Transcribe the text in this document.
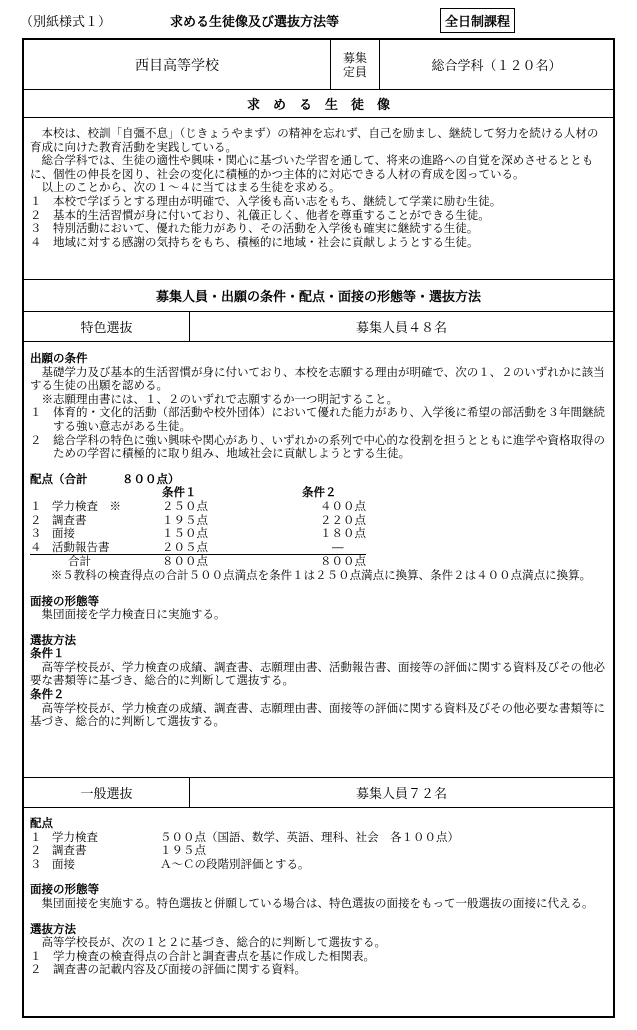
（別紙様式１）	求める生徒像及び選抜方法等	全日制課程
西目高等学校	募集定員	総合学科（１２０名）
求　め　る　生　徒　像

本校は、校訓「自彊不息」（じきょうやまず）の精神を忘れず、自己を励まし、継続して努力を続ける人材の育成に向けた教育活動を実践している。

総合学科では、生徒の適性や興味・関心に基づいた学習を通して、将来の進路への自覚を深めさせるとともに、個性の伸長を図り、社会の変化に積極的かつ主体的に対応できる人材の育成を図っている。

以上のことから、次の１～４に当てはまる生徒を求める。

１　本校で学ぼうとする理由が明確で、入学後も高い志をもち、継続して学業に励む生徒。

２　基本的生活習慣が身に付いており、礼儀正しく、他者を尊重することができる生徒。

３　特別活動において、優れた能力があり、その活動を入学後も確実に継続する生徒。

４　地域に対する感謝の気持ちをもち、積極的に地域・社会に貢献しようとする生徒。

募集人員・出願の条件・配点・面接の形態等・選抜方法
特色選抜	募集人員４８名

出願の条件

基礎学力及び基本的生活習慣が身に付いており、本校を志願する理由が明確で、次の１、２のいずれかに該当する生徒の出願を認める。

※志願理由書には、１、２のいずれで志願するか一つ明記すること。

１　体育的・文化的活動（部活動や校外団体）において優れた能力があり、入学後に希望の部活動を３年間継続する強い意志がある生徒。

２　総合学科の特色に強い興味や関心があり、いずれかの系列で中心的な役割を担うとともに進学や資格取得のための学習に積極的に取り組み、地域社会に貢献しようとする生徒。

配点（合計　　　８００点）

		条件１	条件２
１	学力検査　※	２５０点	４００点
２	調査書	１９５点	２２０点
３	面接	１５０点	１８０点
４	活動報告書	２０５点	―
	合計	８００点	８００点

※５教科の検査得点の合計５００点満点を条件１は２５０点満点に換算、条件２は４００点満点に換算。

面接の形態等

集団面接を学力検査日に実施する。

選抜方法

条件１

高等学校長が、学力検査の成績、調査書、志願理由書、活動報告書、面接等の評価に関する資料及びその他必要な書類等に基づき、総合的に判断して選抜する。

条件２

高等学校長が、学力検査の成績、調査書、志願理由書、面接等の評価に関する資料及びその他必要な書類等に基づき、総合的に判断して選抜する。

一般選抜	募集人員７２名

配点

１	学力検査	５００点（国語、数学、英語、理科、社会　各１００点）
２	調査書	１９５点
３	面接	Ａ～Ｃの段階別評価とする。

面接の形態等

集団面接を実施する。特色選抜と併願している場合は、特色選抜の面接をもって一般選抜の面接に代える。

選抜方法

高等学校長が、次の１と２に基づき、総合的に判断して選抜する。

１　学力検査の検査得点の合計と調査書点を基に作成した相関表。

２　調査書の記載内容及び面接の評価に関する資料。
